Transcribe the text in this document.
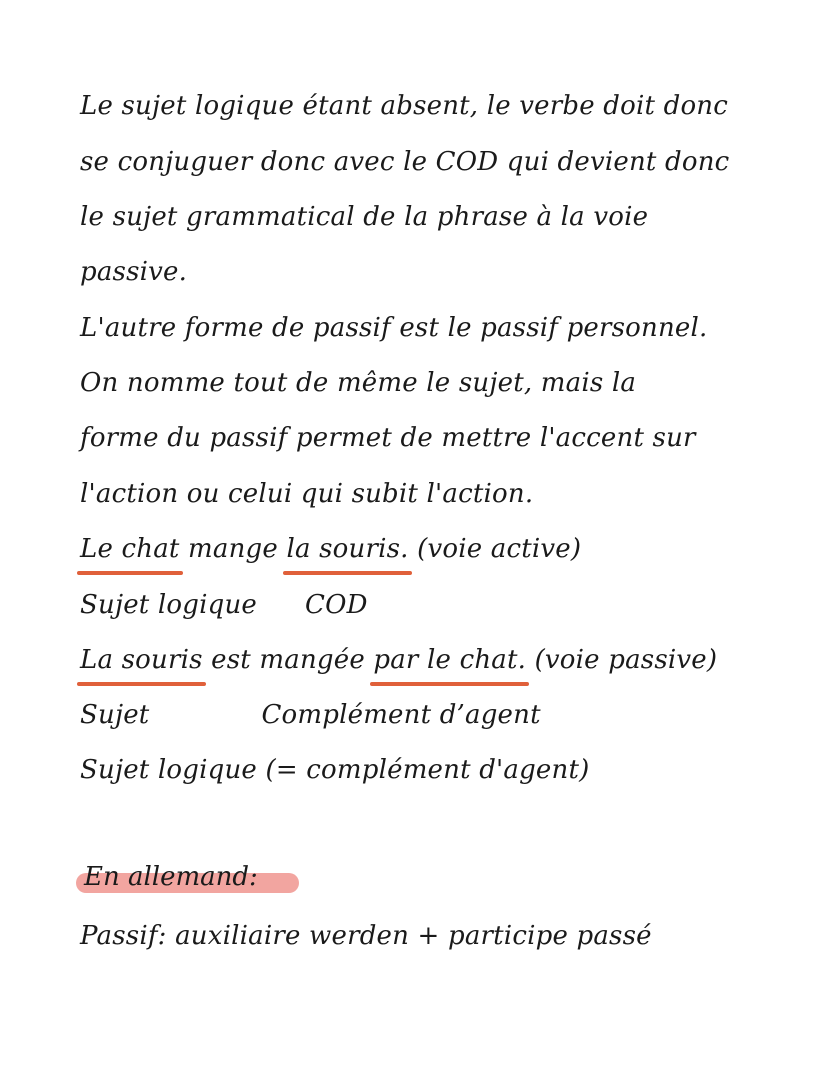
Le sujet logique étant absent, le verbe doit donc
se conjuguer donc avec le COD qui devient donc
le sujet grammatical de la phrase à la voie
passive.
L'autre forme de passif est le passif personnel.
On nomme tout de même le sujet, mais la
forme du passif permet de mettre l'accent sur
l'action ou celui qui subit l'action.
Le chat mange la souris. (voie active)
Sujet logique COD
La souris est mangée par le chat. (voie passive)
Sujet	Complément d’agent
Sujet logique (= complément d'agent)
En allemand:
Passif: auxiliaire werden + participe passé
